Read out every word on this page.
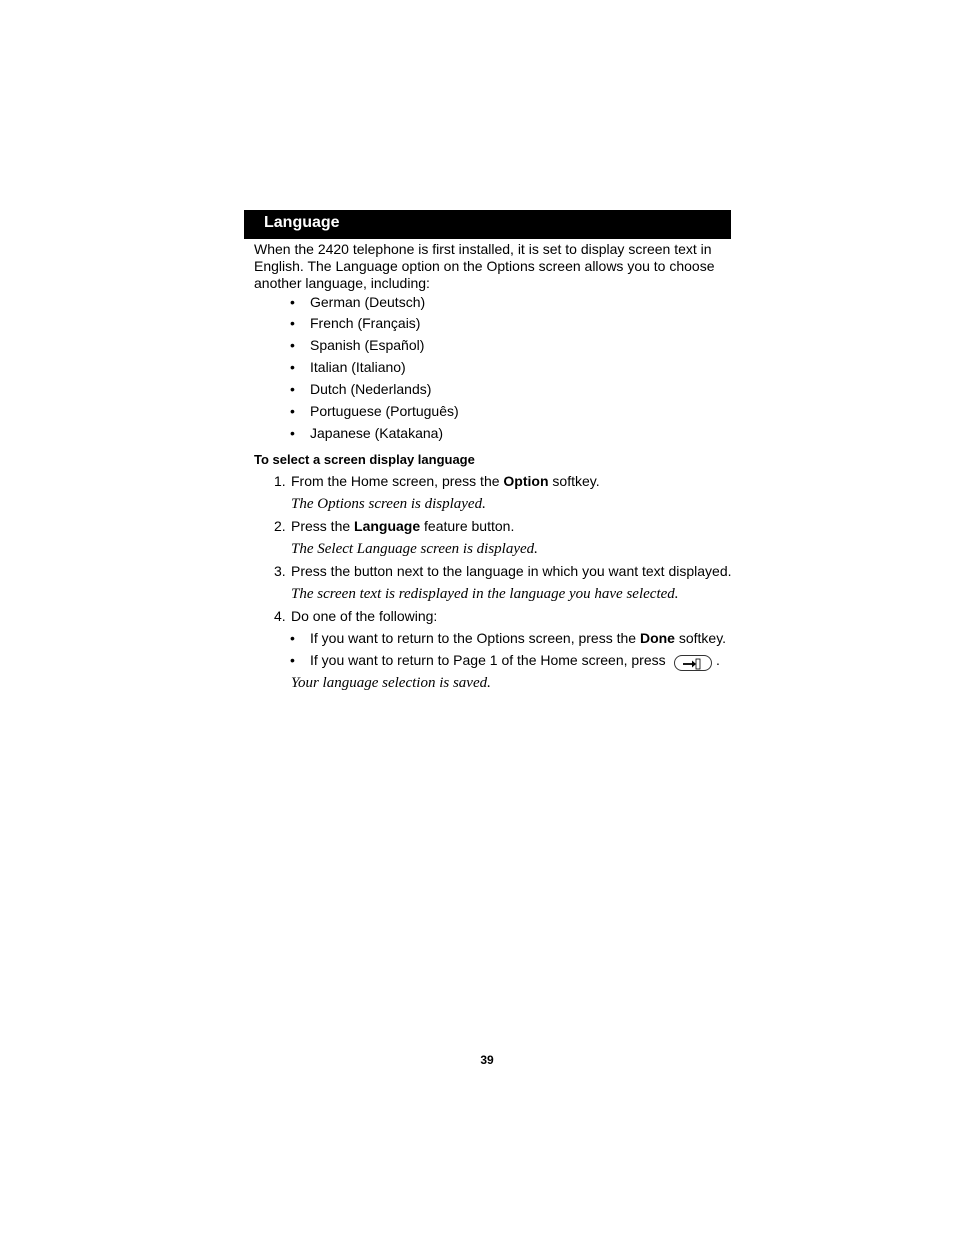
Language

When the 2420 telephone is first installed, it is set to display screen text in English. The Language option on the Options screen allows you to choose another language, including:

• German (Deutsch)
• French (Français)
• Spanish (Español)
• Italian (Italiano)
• Dutch (Nederlands)
• Portuguese (Português)
• Japanese (Katakana)
To select a screen display language
1. From the Home screen, press the Option softkey.
The Options screen is displayed.
2. Press the Language feature button.
The Select Language screen is displayed.
3. Press the button next to the language in which you want text displayed.
The screen text is redisplayed in the language you have selected.
4. Do one of the following:
• If you want to return to the Options screen, press the Done softkey.
• If you want to return to Page 1 of the Home screen, press	.
Your language selection is saved.
39
